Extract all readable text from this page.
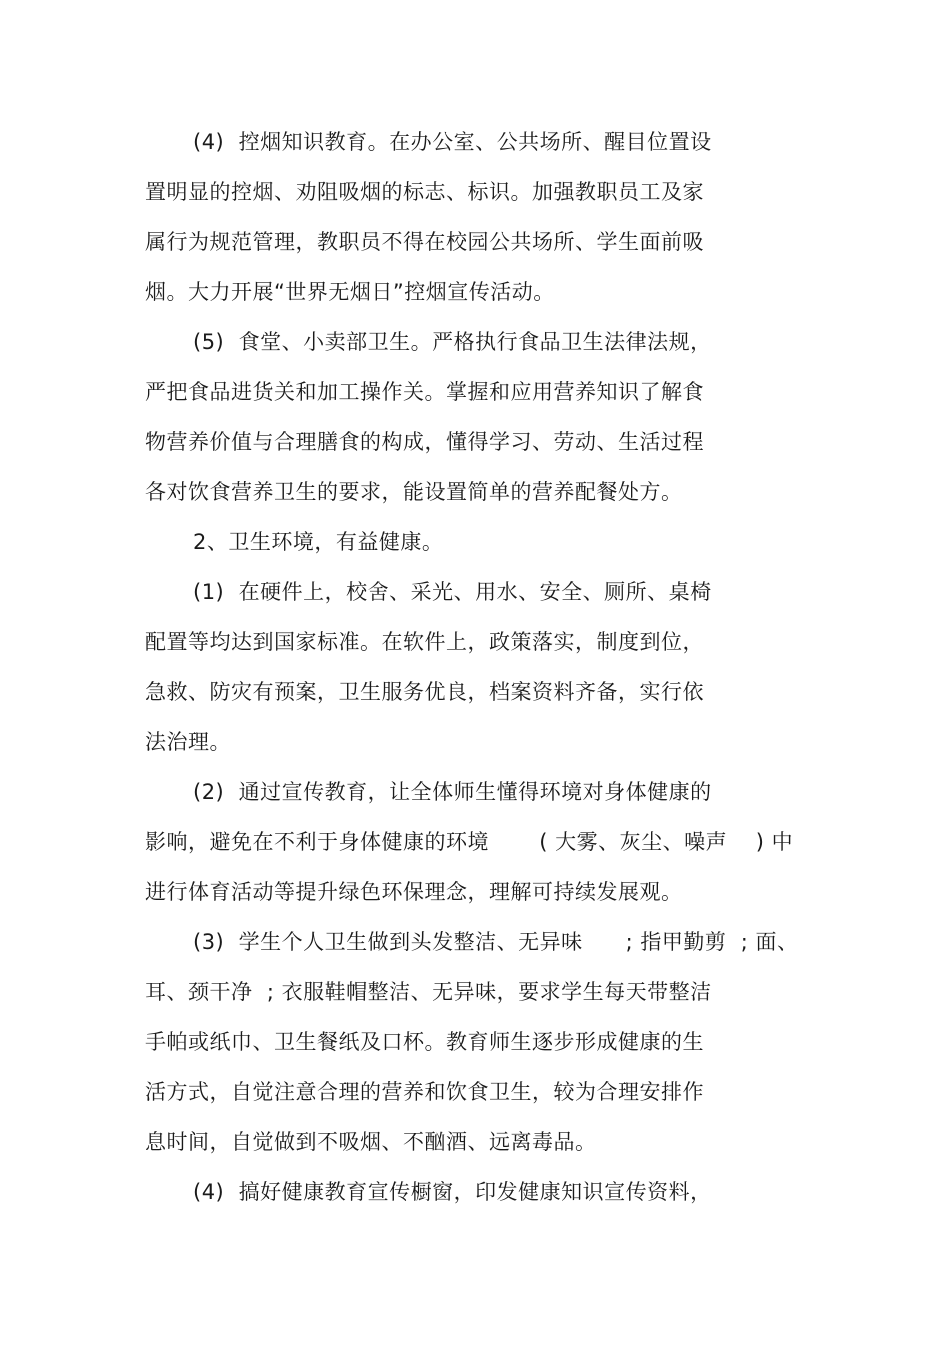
(4)  控烟知识教育。在办公室、公共场所、醒目位置设
置明显的控烟、劝阻吸烟的标志、标识。加强教职员工及家
属行为规范管理，教职员不得在校园公共场所、学生面前吸
烟。大力开展“世界无烟日”控烟宣传活动。
(5)  食堂、小卖部卫生。严格执行食品卫生法律法规，
严把食品进货关和加工操作关。掌握和应用营养知识了解食
物营养价值与合理膳食的构成，懂得学习、劳动、生活过程
各对饮食营养卫生的要求，能设置简单的营养配餐处方。
2、卫生环境，有益健康。
(1)  在硬件上，校舍、采光、用水、安全、厕所、桌椅
配置等均达到国家标准。在软件上，政策落实，制度到位，
急救、防灾有预案，卫生服务优良，档案资料齐备，实行依
法治理。
(2)  通过宣传教育，让全体师生懂得环境对身体健康的
影响，避免在不利于身体健康的环境       ( 大雾、灰尘、噪声    ) 中
进行体育活动等提升绿色环保理念，理解可持续发展观。
(3)  学生个人卫生做到头发整洁、无异味      ; 指甲勤剪  ; 面、
耳、颈干净  ; 衣服鞋帽整洁、无异味，要求学生每天带整洁
手帕或纸巾、卫生餐纸及口杯。教育师生逐步形成健康的生
活方式，自觉注意合理的营养和饮食卫生，较为合理安排作
息时间，自觉做到不吸烟、不酗酒、远离毒品。
(4)  搞好健康教育宣传橱窗，印发健康知识宣传资料，
